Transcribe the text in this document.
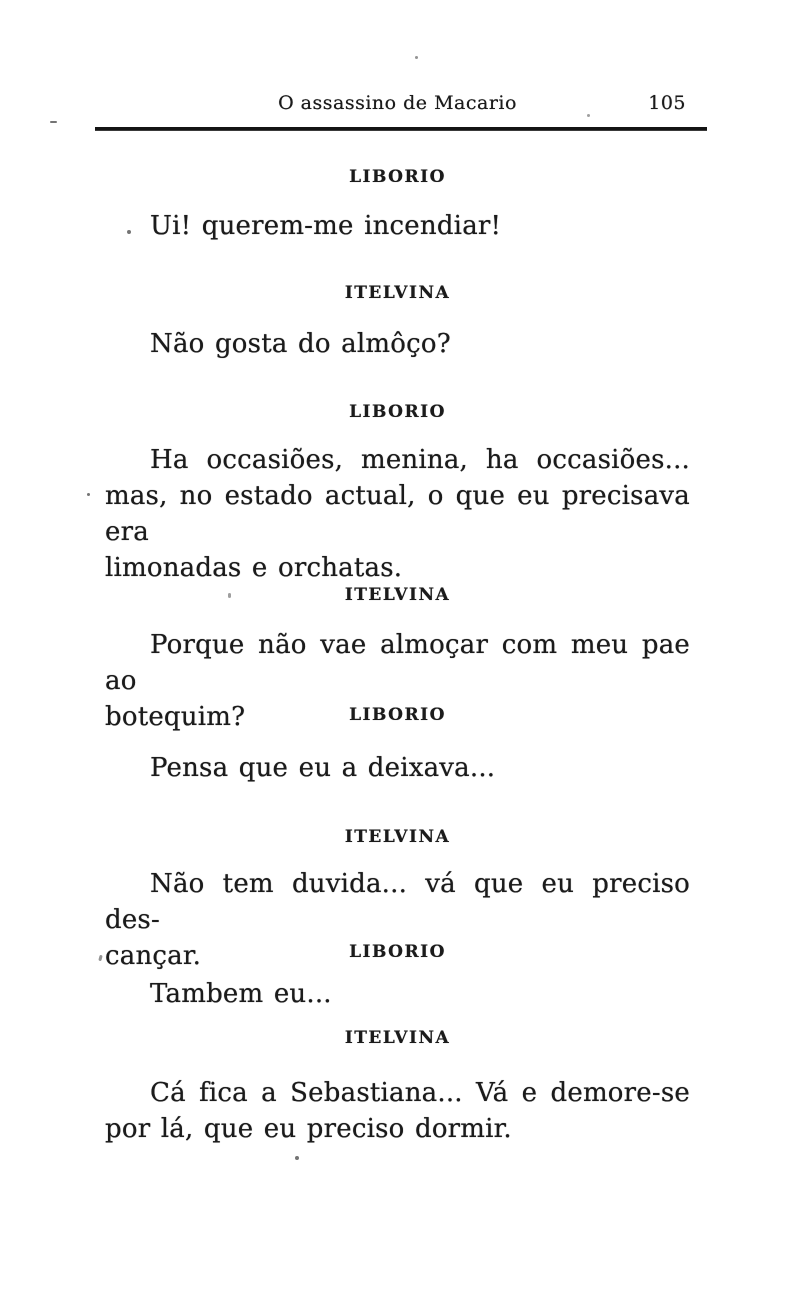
O assassino de Macario	105
LIBORIO
Ui! querem-me incendiar!
ITELVINA
Não gosta do almôço?
LIBORIO
Ha occasiões, menina, ha occasiões...
mas, no estado actual, o que eu precisava era
limonadas e orchatas.
ITELVINA
Porque não vae almoçar com meu pae ao
botequim?	LIBORIO
Pensa que eu a deixava...
ITELVINA
Não tem duvida... vá que eu preciso des-
cançar.	LIBORIO
Tambem eu...
ITELVINA
Cá fica a Sebastiana... Vá e demore-se
por lá, que eu preciso dormir.
